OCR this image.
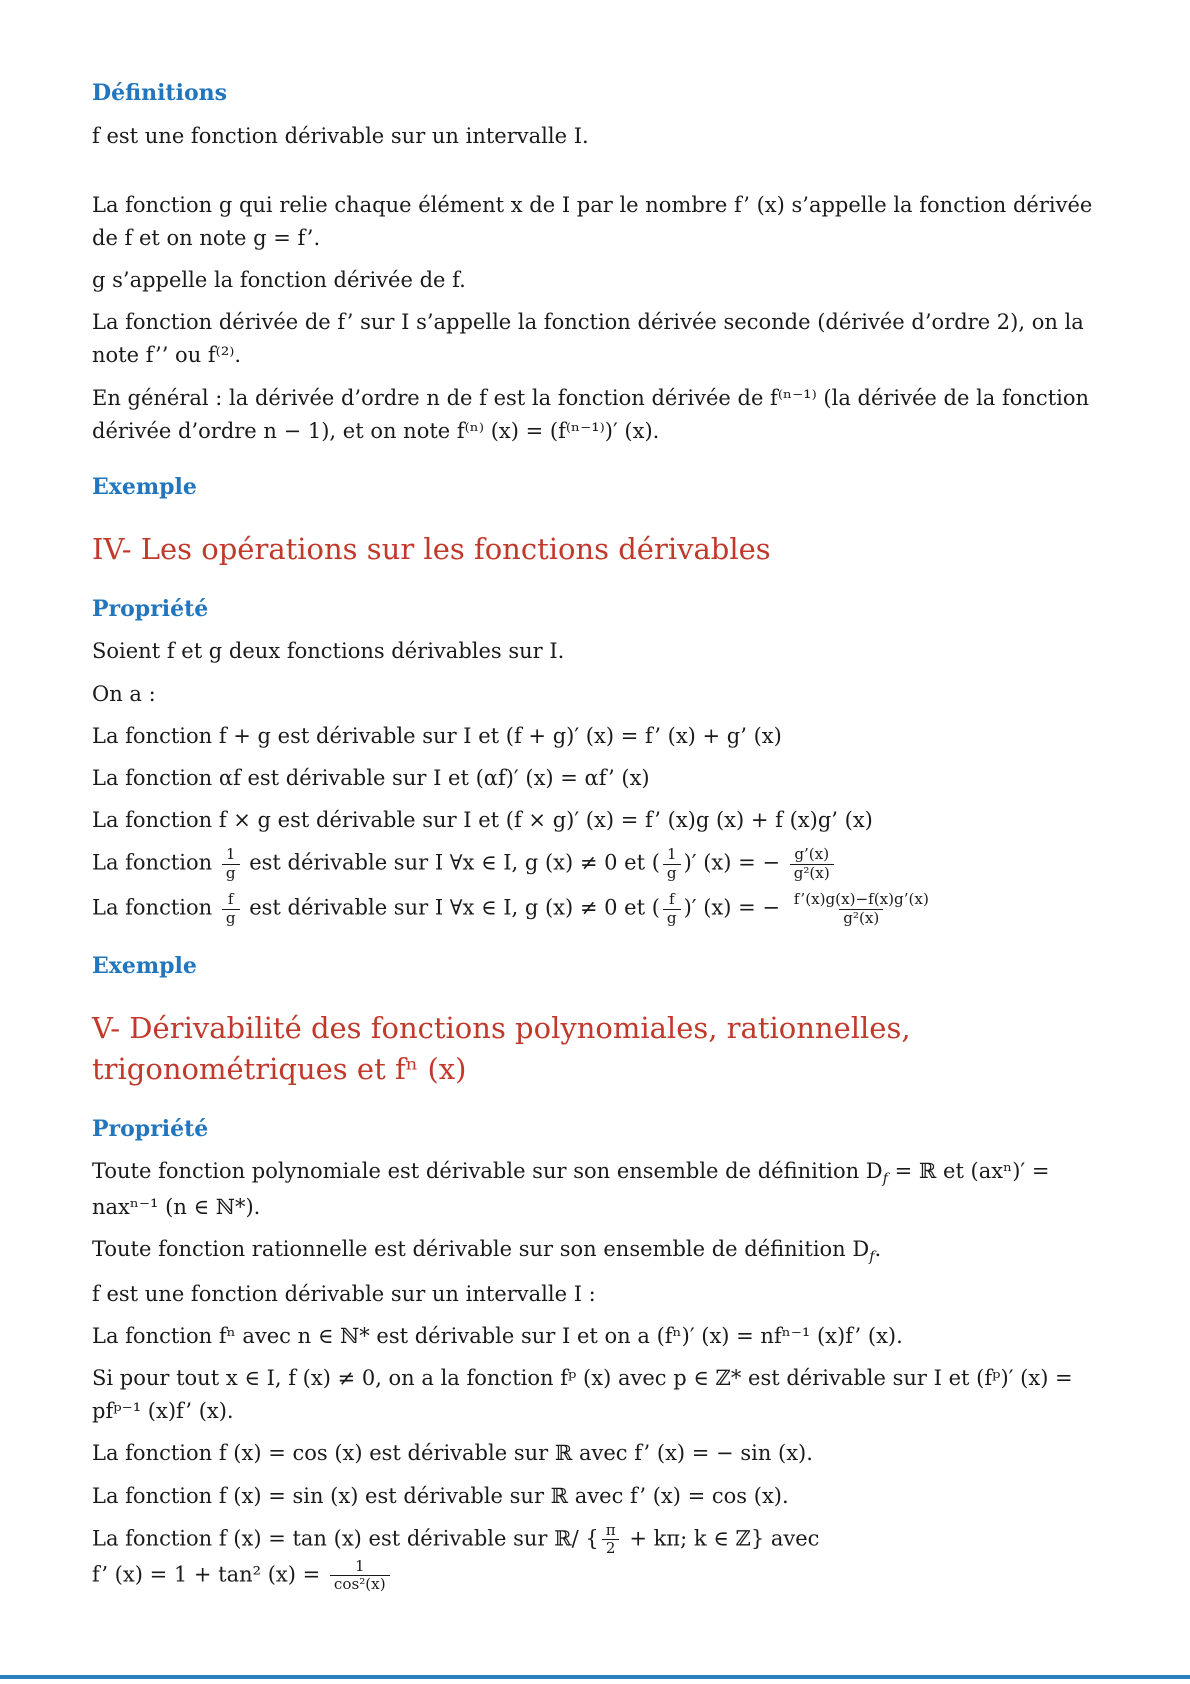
Définitions

f est une fonction dérivable sur un intervalle I.

La fonction g qui relie chaque élément x de I par le nombre f’ (x) s’appelle la fonction dérivée de f et on note g = f’.

g s’appelle la fonction dérivée de f.

La fonction dérivée de f’ sur I s’appelle la fonction dérivée seconde (dérivée d’ordre 2), on la note f’’ ou f⁽²⁾.

En général : la dérivée d’ordre n de f est la fonction dérivée de f⁽ⁿ⁻¹⁾ (la dérivée de la fonction dérivée d’ordre n − 1), et on note f⁽ⁿ⁾ (x) = (f⁽ⁿ⁻¹⁾)′ (x).

Exemple
IV- Les opérations sur les fonctions dérivables
Propriété

Soient f et g deux fonctions dérivables sur I.

On a :

La fonction f + g est dérivable sur I et (f + g)′ (x) = f’ (x) + g’ (x)

La fonction αf est dérivable sur I et (αf)′ (x) = αf’ (x)

La fonction f × g est dérivable sur I et (f × g)′ (x) = f’ (x)g (x) + f (x)g’ (x)

La fonction $\frac{1}{g}$ est dérivable sur I ∀x ∈ I, g (x) ≠ 0 et ( $\frac{1}{g}$ )′ (x) = − $\frac{g’(x)}{\text{g²(x)}}$

La fonction $\frac{f}{g}$ est dérivable sur I ∀x ∈ I, g (x) ≠ 0 et ( $\frac{f}{g}$ )′ (x) = − $\frac{f’(x)g(x)-f(x)g’(x)}{\text{g²(x)}}$

Exemple
V- Dérivabilité des fonctions polynomiales, rationnelles, trigonométriques et fⁿ (x)
Propriété

Toute fonction polynomiale est dérivable sur son ensemble de définition $D_f$ = ℝ et (axⁿ)′ = naxⁿ⁻¹ (n ∈ ℕ*).

Toute fonction rationnelle est dérivable sur son ensemble de définition $D_f$.

f est une fonction dérivable sur un intervalle I :

La fonction fⁿ avec n ∈ ℕ* est dérivable sur I et on a (fⁿ)′ (x) = nfⁿ⁻¹ (x)f’ (x).

Si pour tout x ∈ I, f (x) ≠ 0, on a la fonction fᵖ (x) avec p ∈ ℤ* est dérivable sur I et (fᵖ)′ (x) = pfᵖ⁻¹ (x)f’ (x).

La fonction f (x) = cos (x) est dérivable sur ℝ avec f’ (x) = − sin (x).

La fonction f (x) = sin (x) est dérivable sur ℝ avec f’ (x) = cos (x).

La fonction f (x) = tan (x) est dérivable sur ℝ/ { $\frac{\pi}{2} + k\pi$; k ∈ ℤ} avec
f’ (x) = 1 + tan² $(x) = \frac{1}{\text{cos²(x)}}$
